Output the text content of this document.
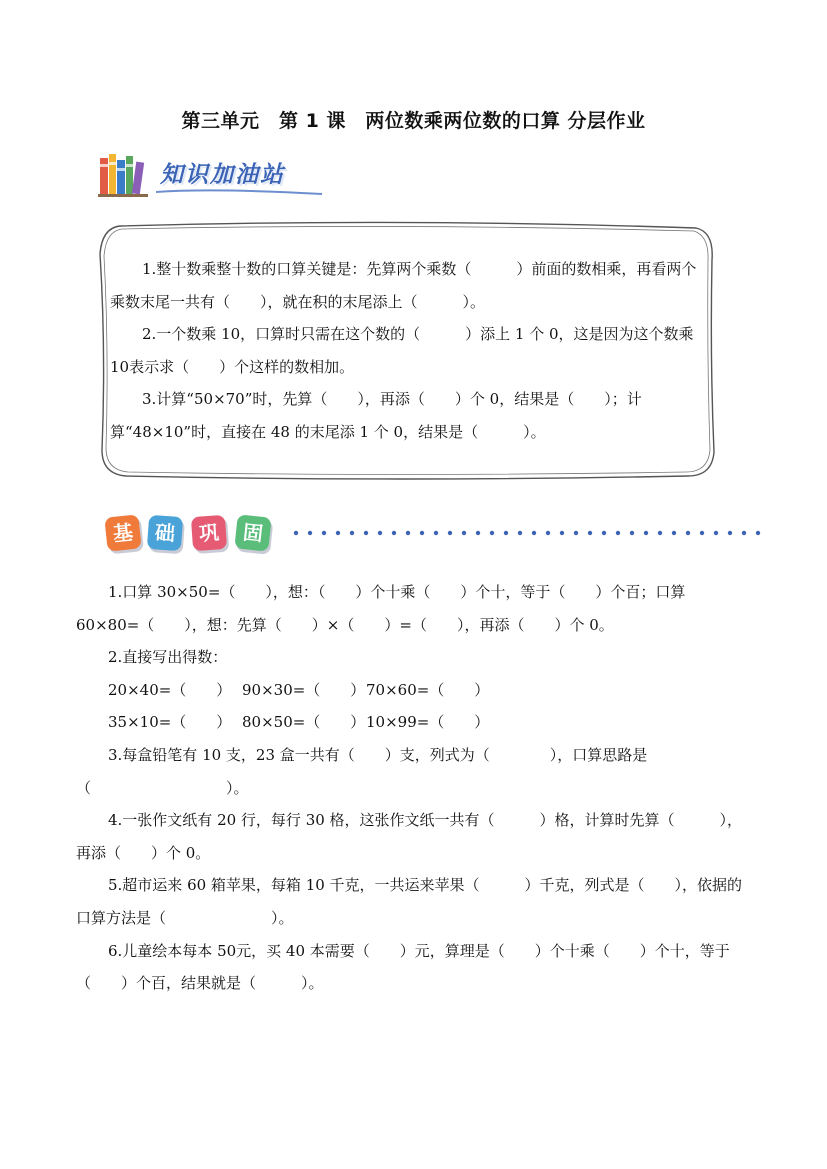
第三单元　第 1 课　两位数乘两位数的口算 分层作业
知识加油站

1.整十数乘整十数的口算关键是：先算两个乘数（　　　）前面的数相乘，再看两个乘数末尾一共有（　　），就在积的末尾添上（　　　）。

2.一个数乘 10，口算时只需在这个数的（　　　）添上 1 个 0，这是因为这个数乘 10表示求（　　）个这样的数相加。

3.计算“50×70”时，先算（　　），再添（　　）个 0，结果是（　　）；计算“48×10”时，直接在 48 的末尾添 1 个 0，结果是（　　　）。

基 础	巩	固

1.口算 30×50=（　　），想：（　　）个十乘（　　）个十，等于（　　）个百；口算 60×80=（　　），想：先算（　　）×（　　）=（　　），再添（　　）个 0。

2.直接写出得数：

20×40=（　　） 90×30=（　　）70×60=（　　）

35×10=（　　） 80×50=（　　）10×99=（　　）

3.每盒铅笔有 10 支，23 盒一共有（　　）支，列式为（　　　　），口算思路是（　　　　　　　　　）。

4.一张作文纸有 20 行，每行 30 格，这张作文纸一共有（　　　）格，计算时先算（　　　），再添（　　）个 0。

5.超市运来 60 箱苹果，每箱 10 千克，一共运来苹果（　　　）千克，列式是（　　），依据的口算方法是（　　　　　　　）。

6.儿童绘本每本 50元，买 40 本需要（　　）元，算理是（　　）个十乘（　　）个十，等于（　　）个百，结果就是（　　　）。
